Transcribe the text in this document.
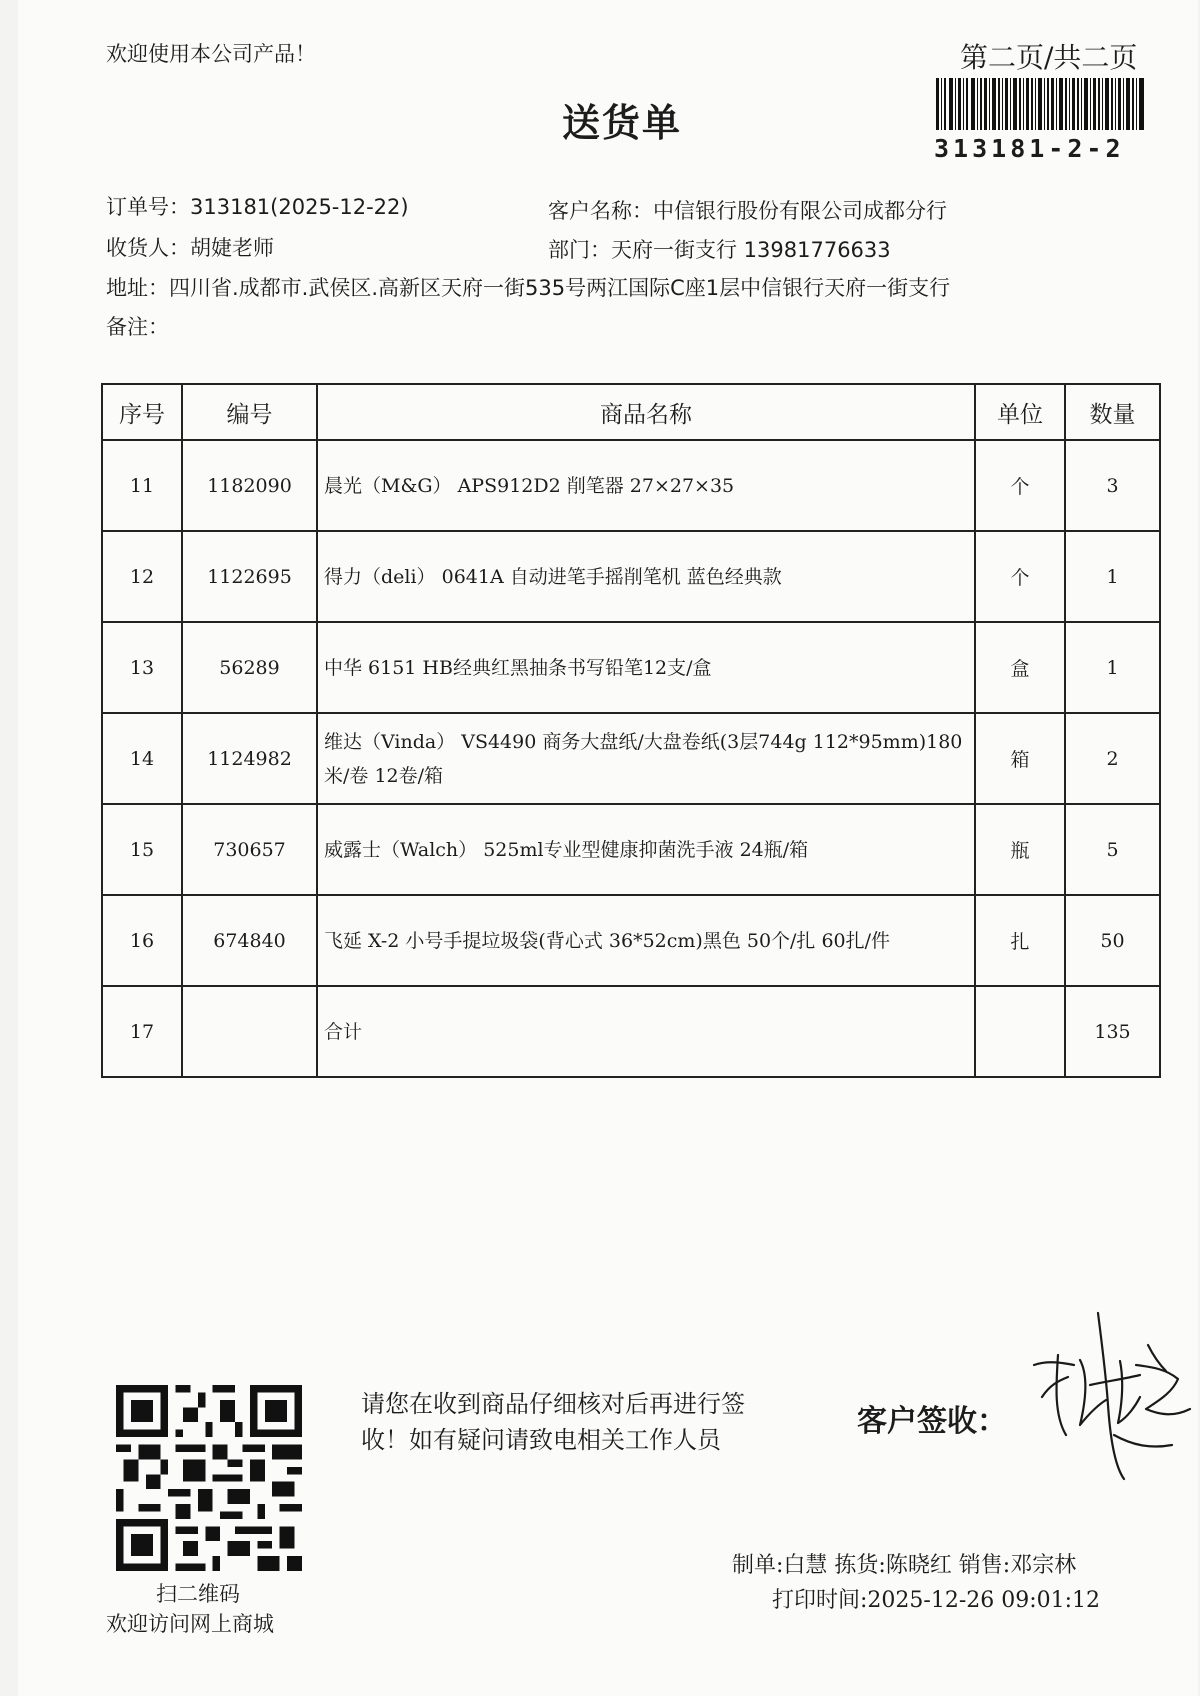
欢迎使用本公司产品！	第二页/共二页
送货单
313181-2-2
订单号：313181(2025-12-22)	客户名称：中信银行股份有限公司成都分行
收货人：胡婕老师	部门：天府一街支行 13981776633
地址：四川省.成都市.武侯区.高新区天府一街535号两江国际C座1层中信银行天府一街支行
备注：
序号	编号	商品名称	单位	数量
11	1182090	晨光（M&G） APS912D2 削笔器 27×27×35	个	3
12	1122695	得力（deli） 0641A 自动进笔手摇削笔机 蓝色经典款	个	1
13	56289	中华 6151 HB经典红黑抽条书写铅笔12支/盒	盒	1
14	1124982	维达（Vinda） VS4490 商务大盘纸/大盘卷纸(3层744g 112*95mm)180米/卷 12卷/箱	箱	2
15	730657	威露士（Walch） 525ml专业型健康抑菌洗手液 24瓶/箱	瓶	5
16	674840	飞延 X-2 小号手提垃圾袋(背心式 36*52cm)黑色 50个/扎 60扎/件	扎	50
17		合计		135
扫二维码
欢迎访问网上商城
请您在收到商品仔细核对后再进行签收！如有疑问请致电相关工作人员
客户签收：
制单:白慧 拣货:陈晓红 销售:邓宗林
打印时间:2025-12-26 09:01:12
